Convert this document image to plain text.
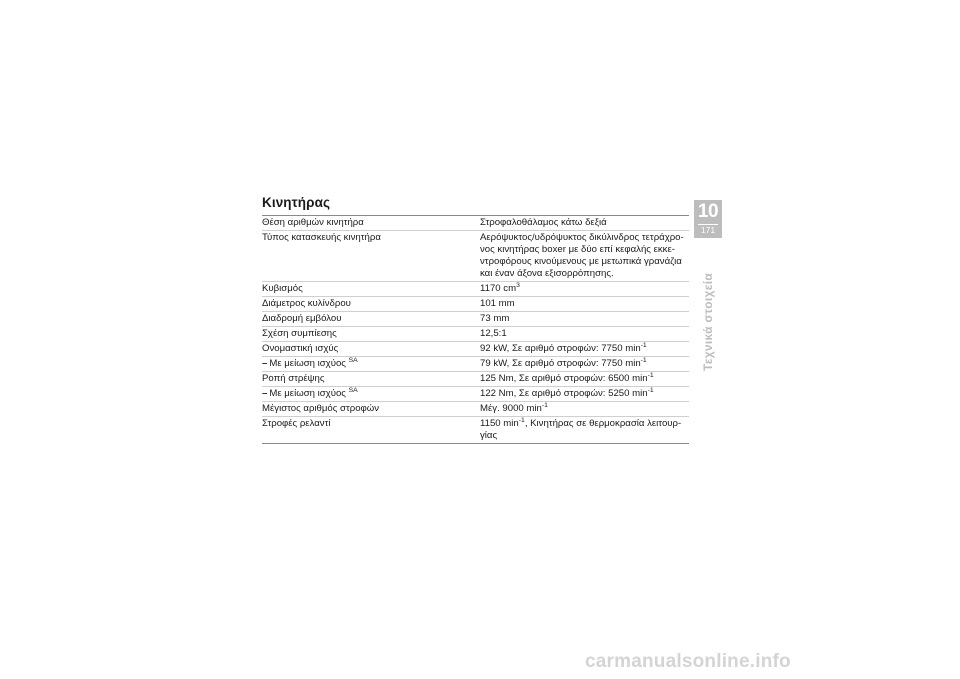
Κινητήρας
Θέση αριθμών κινητήρα	Στροφαλοθάλαμος κάτω δεξιά
Τύπος κατασκευής κινητήρα	Αερόψυκτος/υδρόψυκτος δικύλινδρος τετράχρο-νος κινητήρας boxer με δύο επί κεφαλής εκκε-ντροφόρους κινούμενους με μετωπικά γρανάζια και έναν άξονα εξισορρόπησης.
Κυβισμός	1170 $cm^3$
Διάμετρος κυλίνδρου	101 mm
Διαδρομή εμβόλου	73 mm
Σχέση συμπίεσης	12,5:1
Ονομαστική ισχύς	92 kW, Σε αριθμό στροφών: 7750 $\min^{-1}$
– Με μείωση ισχύος $^{SA}$	79 kW, Σε αριθμό στροφών: 7750 $\min^{-1}$
Ροπή στρέψης	125 Nm, Σε αριθμό στροφών: 6500 $\min^{-1}$
– Με μείωση ισχύος $^{SA}$	122 Nm, Σε αριθμό στροφών: 5250 $\min^{-1}$
Μέγιστος αριθμός στροφών	Μέγ. 9000 $\min^{-1}$
Στροφές ρελαντί	1150 $\min^{-1}$, Κινητήρας σε θερμοκρασία λειτουρ-γίας
10
171
Τεχνικά στοιχεία
carmanualsonline.info
